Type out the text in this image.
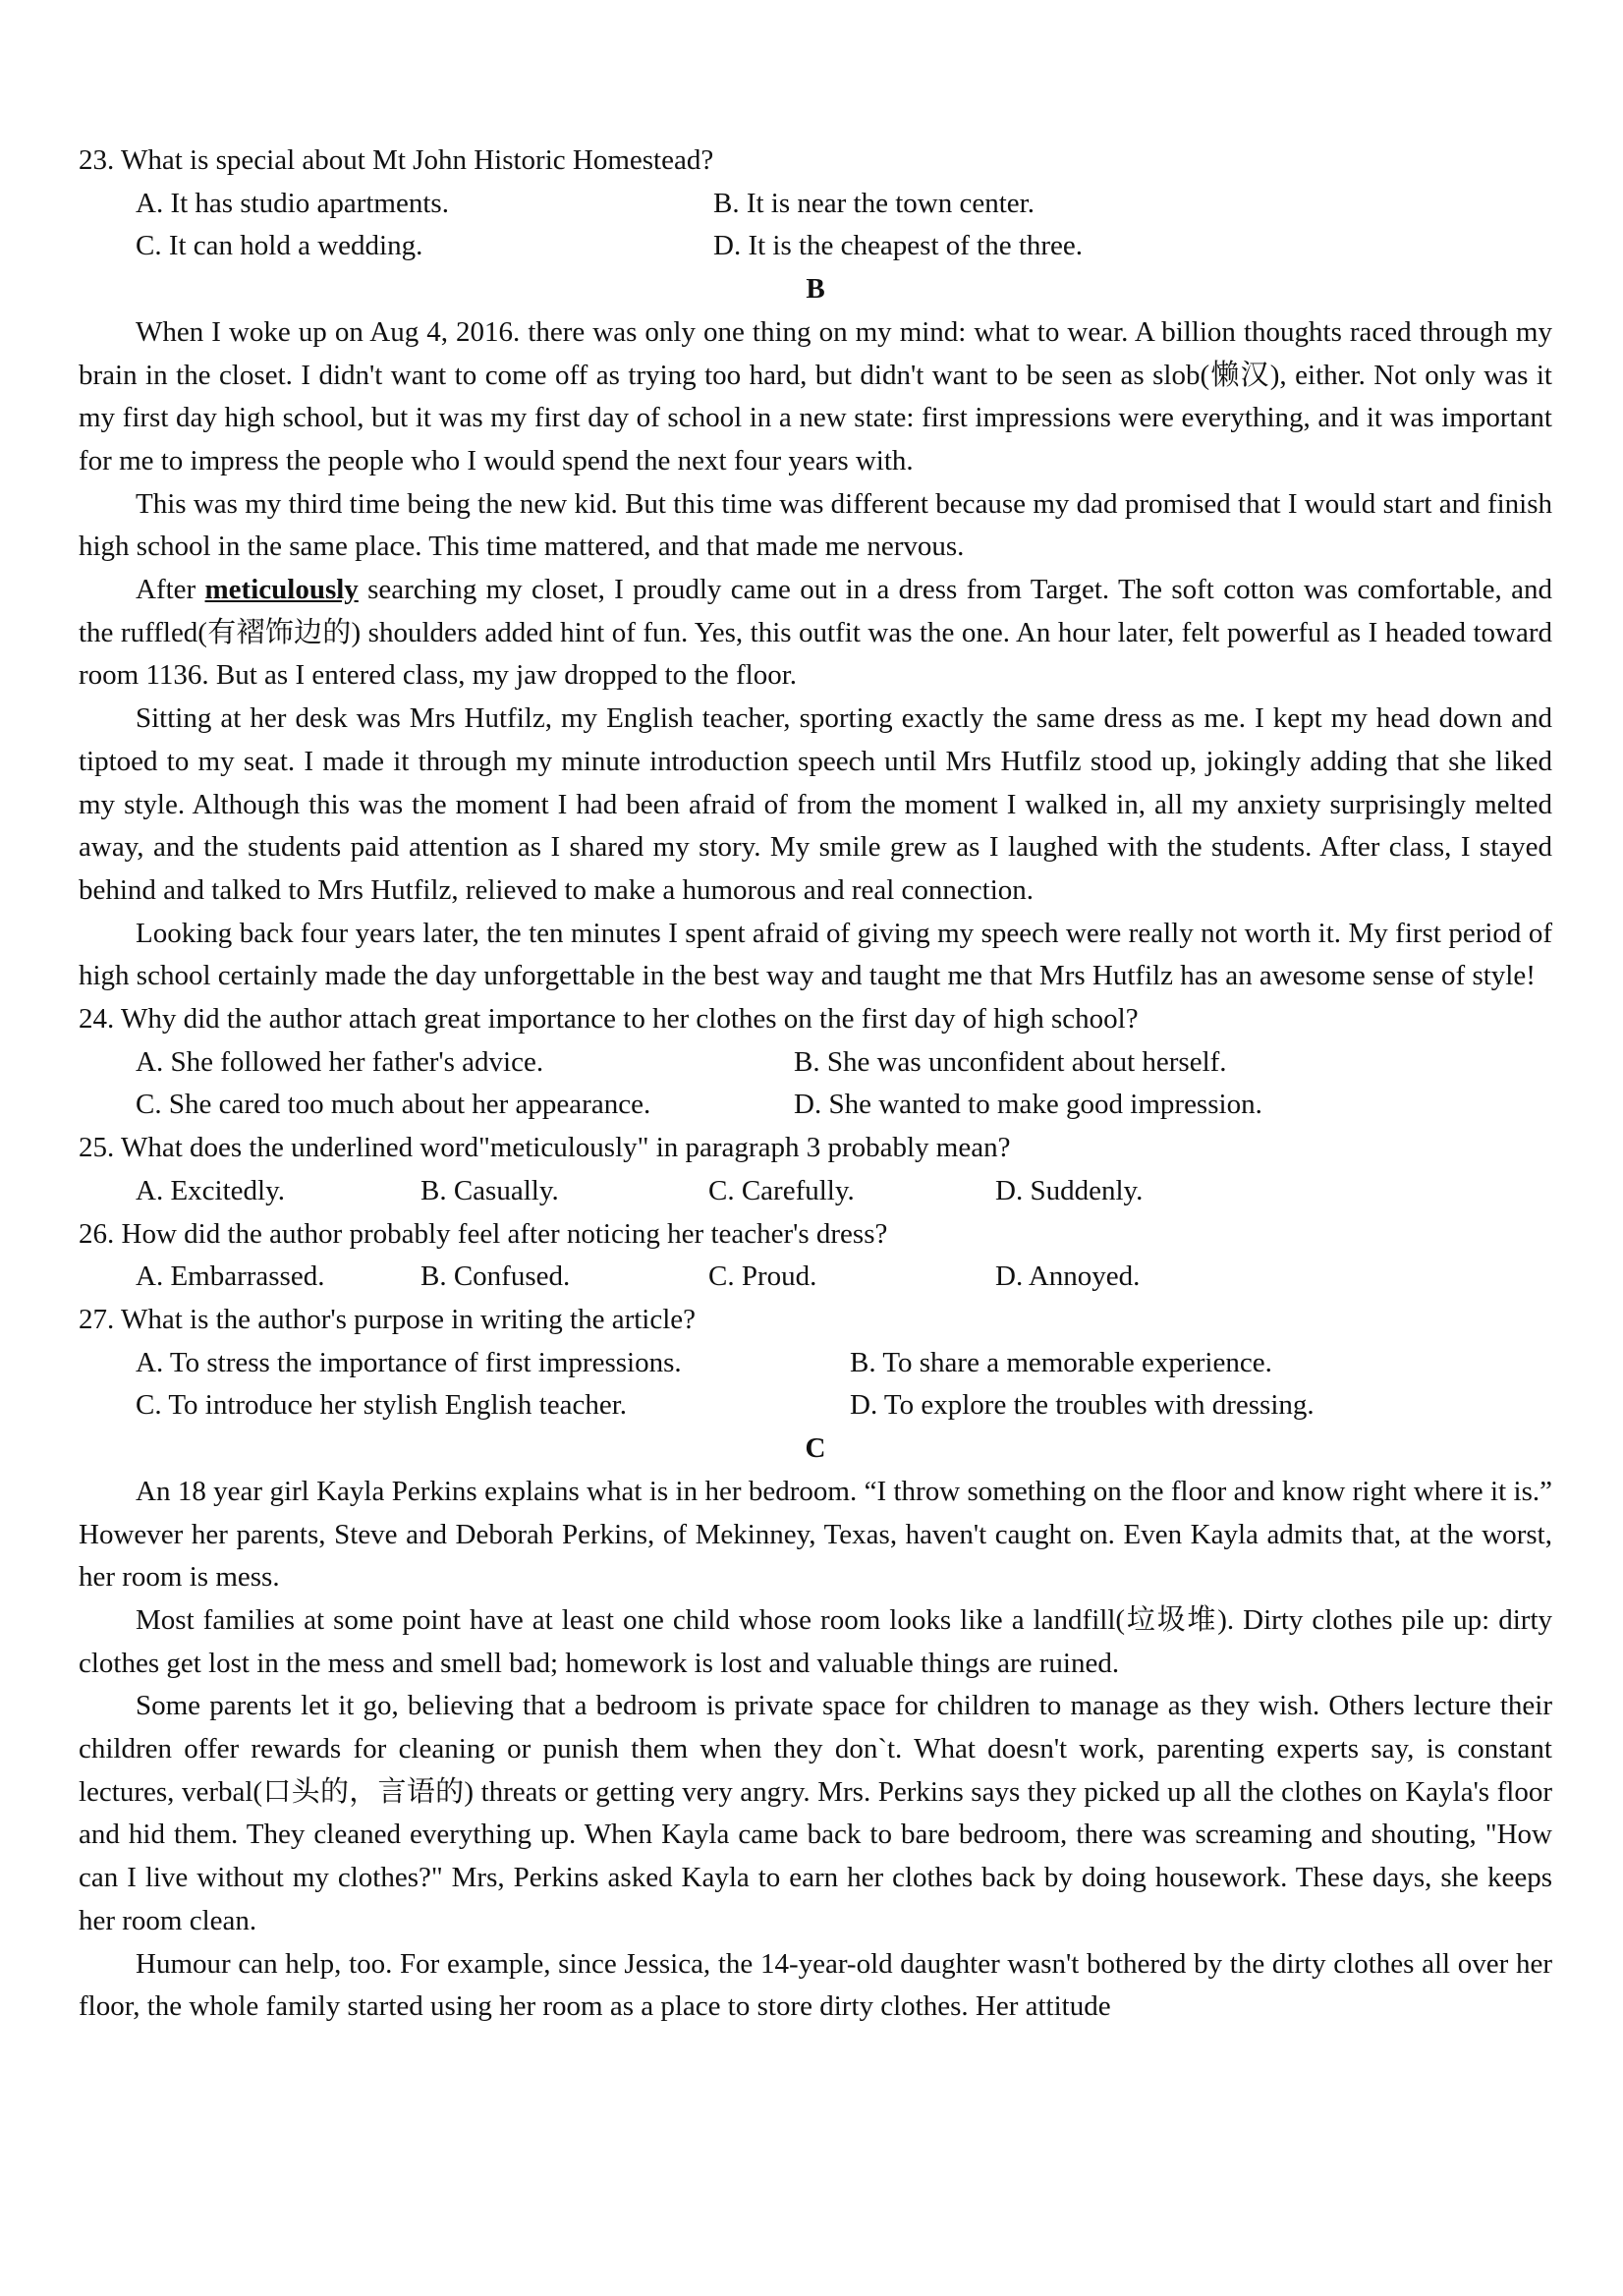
23. What is special about Mt John Historic Homestead?

A. It has studio apartments.	B. It is near the town center.
C. It can hold a wedding.	D. It is the cheapest of the three.

B

When I woke up on Aug 4, 2016. there was only one thing on my mind: what to wear. A billion thoughts raced through my brain in the closet. I didn't want to come off as trying too hard, but didn't want to be seen as slob(懒汉), either. Not only was it my first day high school, but it was my first day of school in a new state: first impressions were everything, and it was important for me to impress the people who I would spend the next four years with.

This was my third time being the new kid. But this time was different because my dad promised that I would start and finish high school in the same place. This time mattered, and that made me nervous.

After meticulously searching my closet, I proudly came out in a dress from Target. The soft cotton was comfortable, and the ruffled(有褶饰边的) shoulders added hint of fun. Yes, this outfit was the one. An hour later, felt powerful as I headed toward room 1136. But as I entered class, my jaw dropped to the floor.

Sitting at her desk was Mrs Hutfilz, my English teacher, sporting exactly the same dress as me. I kept my head down and tiptoed to my seat. I made it through my minute introduction speech until Mrs Hutfilz stood up, jokingly adding that she liked my style. Although this was the moment I had been afraid of from the moment I walked in, all my anxiety surprisingly melted away, and the students paid attention as I shared my story. My smile grew as I laughed with the students. After class, I stayed behind and talked to Mrs Hutfilz, relieved to make a humorous and real connection.

Looking back four years later, the ten minutes I spent afraid of giving my speech were really not worth it. My first period of high school certainly made the day unforgettable in the best way and taught me that Mrs Hutfilz has an awesome sense of style!

24. Why did the author attach great importance to her clothes on the first day of high school?

A. She followed her father's advice.	B. She was unconfident about herself.
C. She cared too much about her appearance.	D. She wanted to make good impression.

25. What does the underlined word"meticulously" in paragraph 3 probably mean?

A. Excitedly.	B. Casually.	C. Carefully.	D. Suddenly.

26. How did the author probably feel after noticing her teacher's dress?

A. Embarrassed.	B. Confused.	C. Proud.	D. Annoyed.

27. What is the author's purpose in writing the article?

A. To stress the importance of first impressions.	B. To share a memorable experience.
C. To introduce her stylish English teacher.	D. To explore the troubles with dressing.

C

An 18 year girl Kayla Perkins explains what is in her bedroom. “I throw something on the floor and know right where it is.” However her parents, Steve and Deborah Perkins, of Mekinney, Texas, haven't caught on. Even Kayla admits that, at the worst, her room is mess.

Most families at some point have at least one child whose room looks like a landfill(垃圾堆). Dirty clothes pile up: dirty clothes get lost in the mess and smell bad; homework is lost and valuable things are ruined.

Some parents let it go, believing that a bedroom is private space for children to manage as they wish. Others lecture their children offer rewards for cleaning or punish them when they don`t. What doesn't work, parenting experts say, is constant lectures, verbal(口头的，言语的) threats or getting very angry. Mrs. Perkins says they picked up all the clothes on Kayla's floor and hid them. They cleaned everything up. When Kayla came back to bare bedroom, there was screaming and shouting, "How can I live without my clothes?" Mrs, Perkins asked Kayla to earn her clothes back by doing housework. These days, she keeps her room clean.

Humour can help, too. For example, since Jessica, the 14-year-old daughter wasn't bothered by the dirty clothes all over her floor, the whole family started using her room as a place to store dirty clothes. Her attitude
